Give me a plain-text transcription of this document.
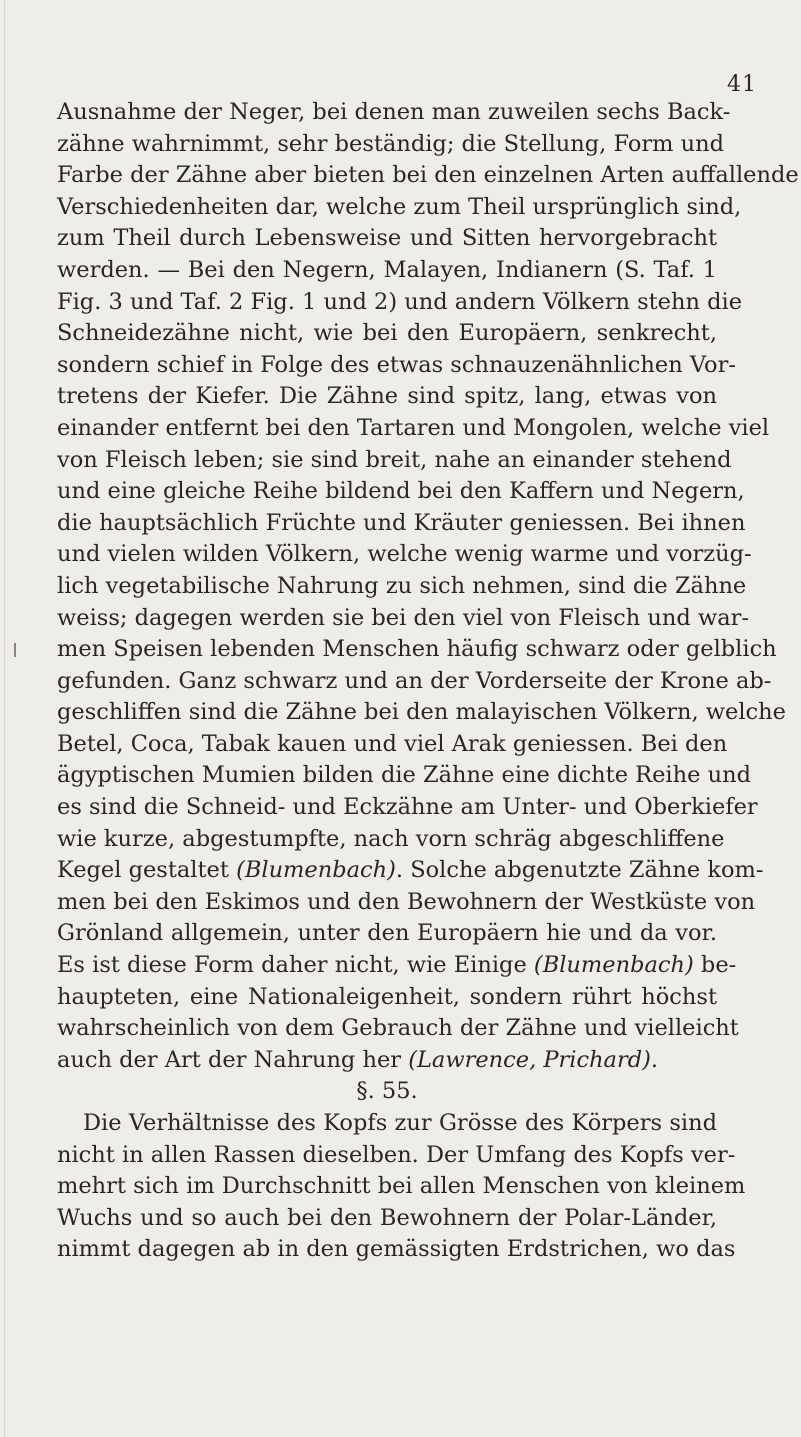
41
Ausnahme der Neger, bei denen man zuweilen sechs Back-
zähne wahrnimmt, sehr beständig; die Stellung, Form und
Farbe der Zähne aber bieten bei den einzelnen Arten auffallende
Verschiedenheiten dar, welche zum Theil ursprünglich sind,
zum Theil durch Lebensweise und Sitten hervorgebracht
werden. — Bei den Negern, Malayen, Indianern (S. Taf. 1
Fig. 3 und Taf. 2 Fig. 1 und 2) und andern Völkern stehn die
Schneidezähne nicht, wie bei den Europäern, senkrecht,
sondern schief in Folge des etwas schnauzenähnlichen Vor-
tretens der Kiefer. Die Zähne sind spitz, lang, etwas von
einander entfernt bei den Tartaren und Mongolen, welche viel
von Fleisch leben; sie sind breit, nahe an einander stehend
und eine gleiche Reihe bildend bei den Kaffern und Negern,
die hauptsächlich Früchte und Kräuter geniessen. Bei ihnen
und vielen wilden Völkern, welche wenig warme und vorzüg-
lich vegetabilische Nahrung zu sich nehmen, sind die Zähne
weiss; dagegen werden sie bei den viel von Fleisch und war-
men Speisen lebenden Menschen häufig schwarz oder gelblich
gefunden. Ganz schwarz und an der Vorderseite der Krone ab-
geschliffen sind die Zähne bei den malayischen Völkern, welche
Betel, Coca, Tabak kauen und viel Arak geniessen. Bei den
ägyptischen Mumien bilden die Zähne eine dichte Reihe und
es sind die Schneid- und Eckzähne am Unter- und Oberkiefer
wie kurze, abgestumpfte, nach vorn schräg abgeschliffene
Kegel gestaltet (Blumenbach). Solche abgenutzte Zähne kom-
men bei den Eskimos und den Bewohnern der Westküste von
Grönland allgemein, unter den Europäern hie und da vor.
Es ist diese Form daher nicht, wie Einige (Blumenbach) be-
haupteten, eine Nationaleigenheit, sondern rührt höchst
wahrscheinlich von dem Gebrauch der Zähne und vielleicht
auch der Art der Nahrung her (Lawrence, Prichard).
§. 55.
Die Verhältnisse des Kopfs zur Grösse des Körpers sind
nicht in allen Rassen dieselben. Der Umfang des Kopfs ver-
mehrt sich im Durchschnitt bei allen Menschen von kleinem
Wuchs und so auch bei den Bewohnern der Polar-Länder,
nimmt dagegen ab in den gemässigten Erdstrichen, wo das
